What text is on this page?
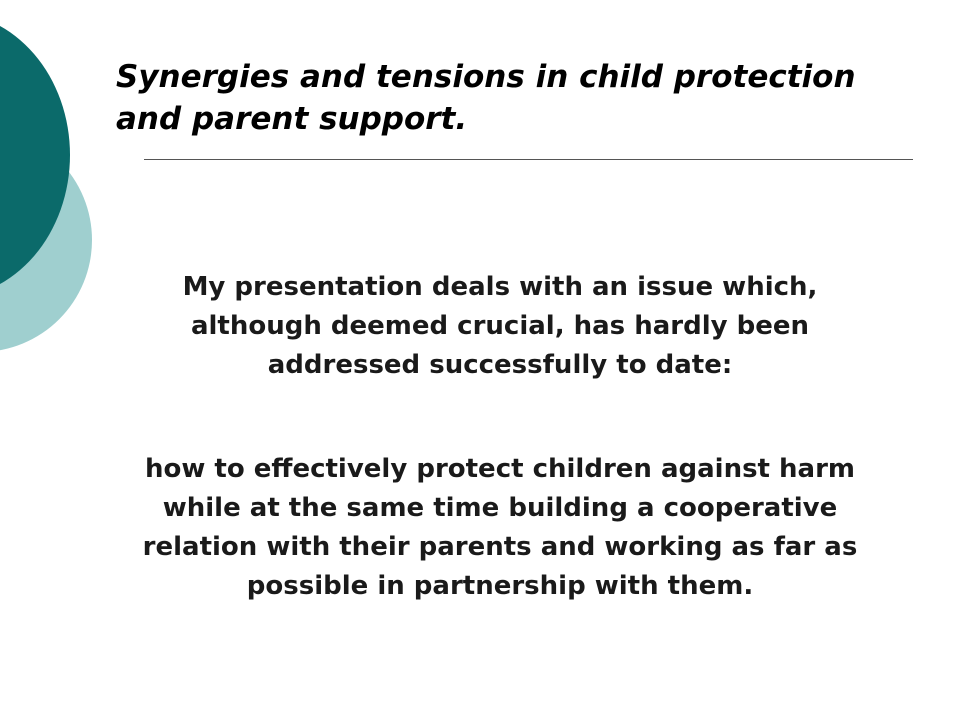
Synergies and tensions in child protection
and parent support.

My presentation deals with an issue which, although deemed crucial, has hardly been addressed successfully to date:

how to effectively protect children against harm while at the same time building a cooperative relation with their parents and working as far as possible in partnership with them.
